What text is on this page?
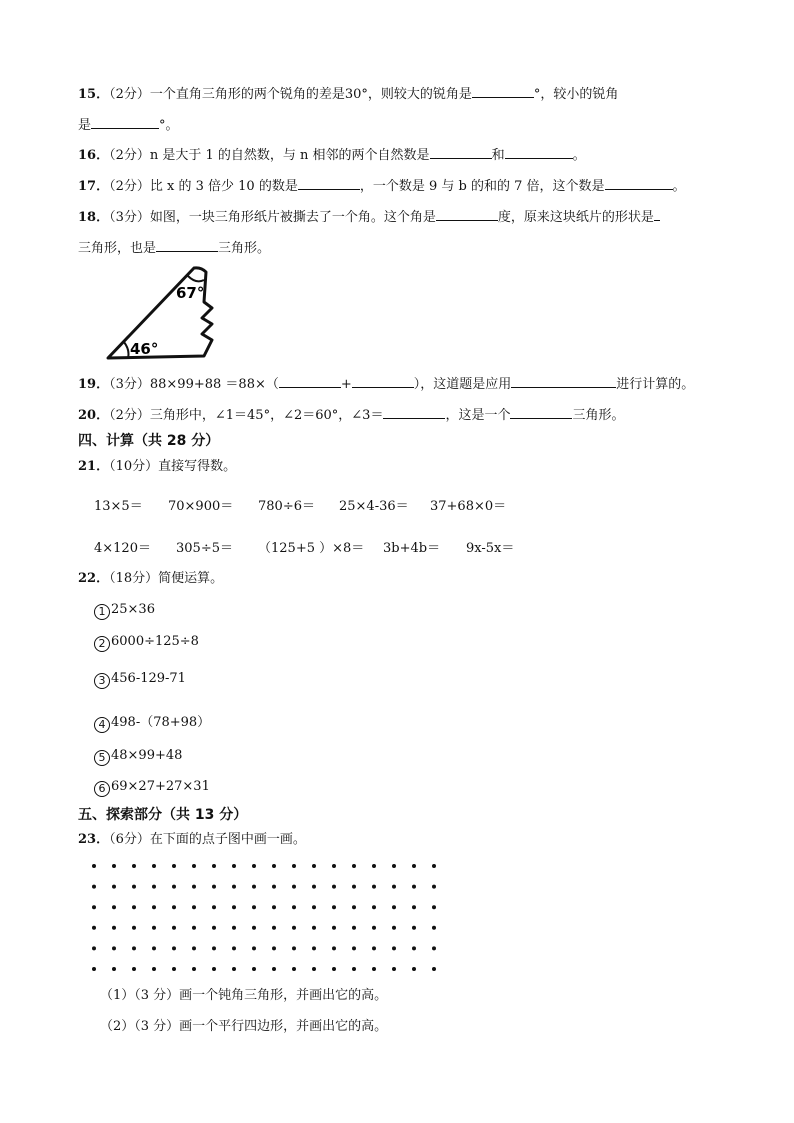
15．（2分）一个直角三角形的两个锐角的差是30°，则较大的锐角是	°，较小的锐角
是	°。
16．（2分）n 是大于 1 的自然数，与 n 相邻的两个自然数是	和	。
17．（2分）比 x 的 3 倍少 10 的数是	，一个数是 9 与 b 的和的 7 倍，这个数是	。
18．（3分）如图，一块三角形纸片被撕去了一个角。这个角是	度，原来这块纸片的形状是
三角形，也是	三角形。
67°
46°
19．（3分）88×99+88 ＝88×（	+	），这道题是应用	进行计算的。
20．（2分）三角形中，∠1＝45°，∠2＝60°，∠3＝	，这是一个	三角形。
四、计算（共 28 分）
21．（10分）直接写得数。
13×5＝ 70×900＝ 780÷6＝ 25×4-36＝ 37+68×0＝
4×120＝ 305÷5＝ （125+5 ）×8＝ 3b+4b＝ 9x-5x＝
22．（18分）简便运算。
1 25×36
2 6000÷125÷8
3 456-129-71
4 498-（78+98）
5 48×99+48
6 69×27+27×31
五、探索部分（共 13 分）
23．（6分）在下面的点子图中画一画。
（1）（3 分）画一个钝角三角形，并画出它的高。
（2）（3 分）画一个平行四边形，并画出它的高。
